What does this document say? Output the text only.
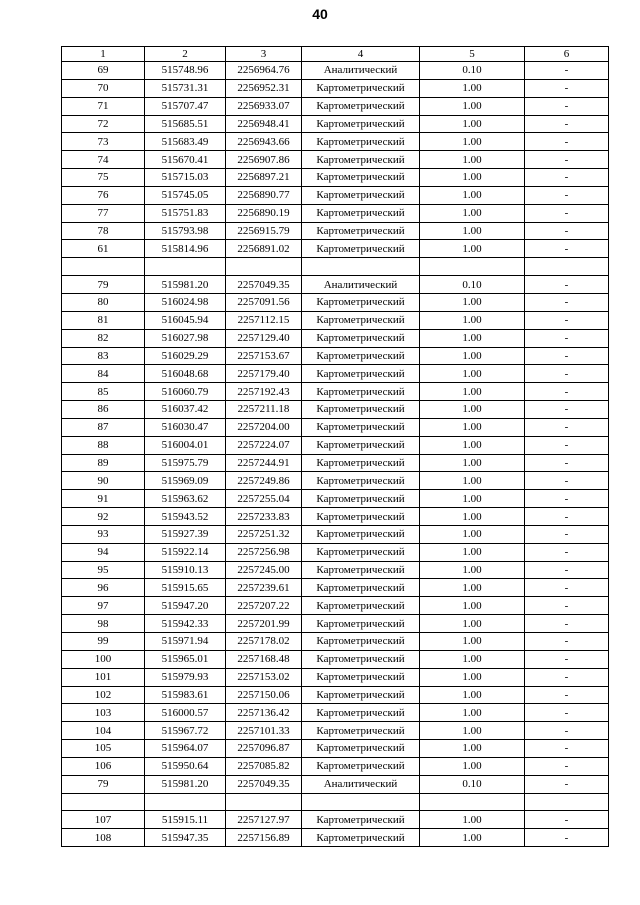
40
1	2	3	4	5	6
69	515748.96	2256964.76	Аналитический	0.10	-
70	515731.31	2256952.31	Картометрический	1.00	-
71	515707.47	2256933.07	Картометрический	1.00	-
72	515685.51	2256948.41	Картометрический	1.00	-
73	515683.49	2256943.66	Картометрический	1.00	-
74	515670.41	2256907.86	Картометрический	1.00	-
75	515715.03	2256897.21	Картометрический	1.00	-
76	515745.05	2256890.77	Картометрический	1.00	-
77	515751.83	2256890.19	Картометрический	1.00	-
78	515793.98	2256915.79	Картометрический	1.00	-
61	515814.96	2256891.02	Картометрический	1.00	-

79	515981.20	2257049.35	Аналитический	0.10	-
80	516024.98	2257091.56	Картометрический	1.00	-
81	516045.94	2257112.15	Картометрический	1.00	-
82	516027.98	2257129.40	Картометрический	1.00	-
83	516029.29	2257153.67	Картометрический	1.00	-
84	516048.68	2257179.40	Картометрический	1.00	-
85	516060.79	2257192.43	Картометрический	1.00	-
86	516037.42	2257211.18	Картометрический	1.00	-
87	516030.47	2257204.00	Картометрический	1.00	-
88	516004.01	2257224.07	Картометрический	1.00	-
89	515975.79	2257244.91	Картометрический	1.00	-
90	515969.09	2257249.86	Картометрический	1.00	-
91	515963.62	2257255.04	Картометрический	1.00	-
92	515943.52	2257233.83	Картометрический	1.00	-
93	515927.39	2257251.32	Картометрический	1.00	-
94	515922.14	2257256.98	Картометрический	1.00	-
95	515910.13	2257245.00	Картометрический	1.00	-
96	515915.65	2257239.61	Картометрический	1.00	-
97	515947.20	2257207.22	Картометрический	1.00	-
98	515942.33	2257201.99	Картометрический	1.00	-
99	515971.94	2257178.02	Картометрический	1.00	-
100	515965.01	2257168.48	Картометрический	1.00	-
101	515979.93	2257153.02	Картометрический	1.00	-
102	515983.61	2257150.06	Картометрический	1.00	-
103	516000.57	2257136.42	Картометрический	1.00	-
104	515967.72	2257101.33	Картометрический	1.00	-
105	515964.07	2257096.87	Картометрический	1.00	-
106	515950.64	2257085.82	Картометрический	1.00	-
79	515981.20	2257049.35	Аналитический	0.10	-

107	515915.11	2257127.97	Картометрический	1.00	-
108	515947.35	2257156.89	Картометрический	1.00	-
